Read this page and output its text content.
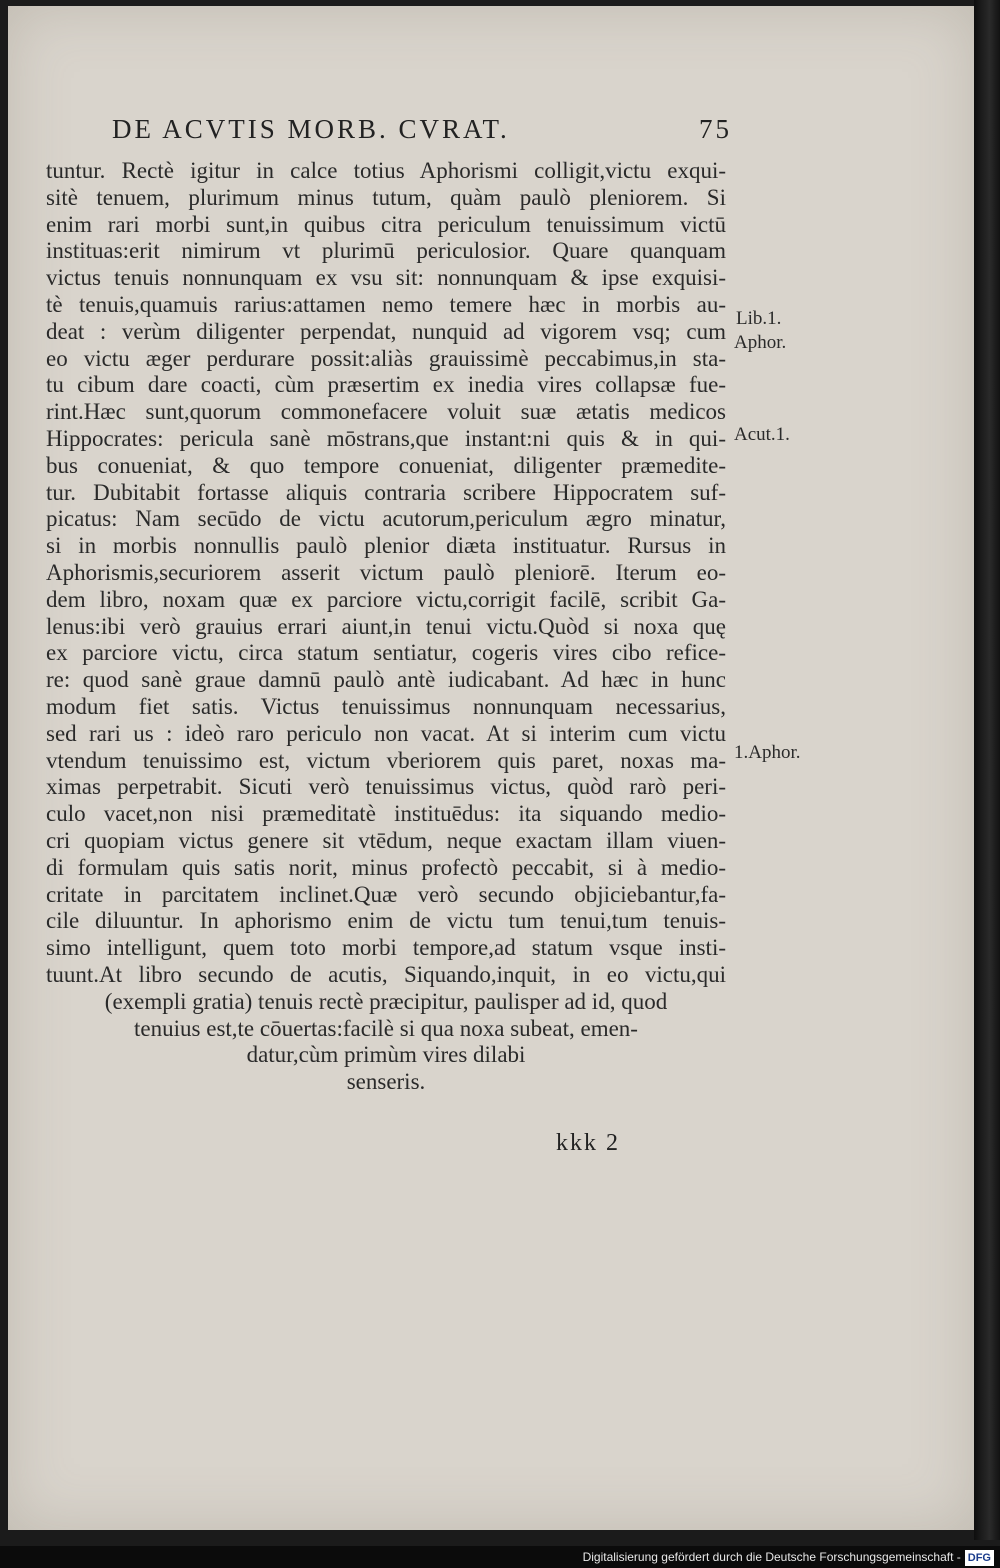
DE ACVTIS MORB. CVRAT.	75
tuntur. Rectè igitur in calce totius Aphorismi colligit,victu exqui-
sitè tenuem, plurimum minus tutum, quàm paulò pleniorem. Si
enim rari morbi sunt,in quibus citra periculum tenuissimum victū
instituas:erit nimirum vt plurimū periculosior. Quare quanquam
victus tenuis nonnunquam ex vsu sit: nonnunquam & ipse exquisi-
tè tenuis,quamuis rarius:attamen nemo temere hæc in morbis au-
deat : verùm diligenter perpendat, nunquid ad vigorem vsq; cum
eo victu æger perdurare possit:aliàs grauissimè peccabimus,in sta-
tu cibum dare coacti, cùm præsertim ex inedia vires collapsæ fue-
rint.Hæc sunt,quorum commonefacere voluit suæ ætatis medicos
Hippocrates: pericula sanè mōstrans,que instant:ni quis & in qui-
bus conueniat, & quo tempore conueniat, diligenter præmedite-
tur. Dubitabit fortasse aliquis contraria scribere Hippocratem suf-
picatus: Nam secūdo de victu acutorum,periculum ægro minatur,
si in morbis nonnullis paulò plenior diæta instituatur. Rursus in
Aphorismis,securiorem asserit victum paulò pleniorē. Iterum eo-
dem libro, noxam quæ ex parciore victu,corrigit facilē, scribit Ga-
lenus:ibi verò grauius errari aiunt,in tenui victu.Quòd si noxa quę
ex parciore victu, circa statum sentiatur, cogeris vires cibo refice-
re: quod sanè graue damnū paulò antè iudicabant. Ad hæc in hunc
modum fiet satis. Victus tenuissimus nonnunquam necessarius,
sed rari us : ideò raro periculo non vacat. At si interim cum victu
vtendum tenuissimo est, victum vberiorem quis paret, noxas ma-
ximas perpetrabit. Sicuti verò tenuissimus victus, quòd rarò peri-
culo vacet,non nisi præmeditatè instituēdus: ita siquando medio-
cri quopiam victus genere sit vtēdum, neque exactam illam viuen-
di formulam quis satis norit, minus profectò peccabit, si à medio-
critate in parcitatem inclinet.Quæ verò secundo objiciebantur,fa-
cile diluuntur. In aphorismo enim de victu tum tenui,tum tenuis-
simo intelligunt, quem toto morbi tempore,ad statum vsque insti-
tuunt.At libro secundo de acutis, Siquando,inquit, in eo victu,qui
(exempli gratia) tenuis rectè præcipitur, paulisper ad id, quod
tenuius est,te cōuertas:facilè si qua noxa subeat, emen-
datur,cùm primùm vires dilabi
senseris.
Lib.1.
Aphor.
Acut.1.
1.Aphor.
kkk 2
Digitalisierung gefördert durch die Deutsche Forschungsgemeinschaft - DFG
